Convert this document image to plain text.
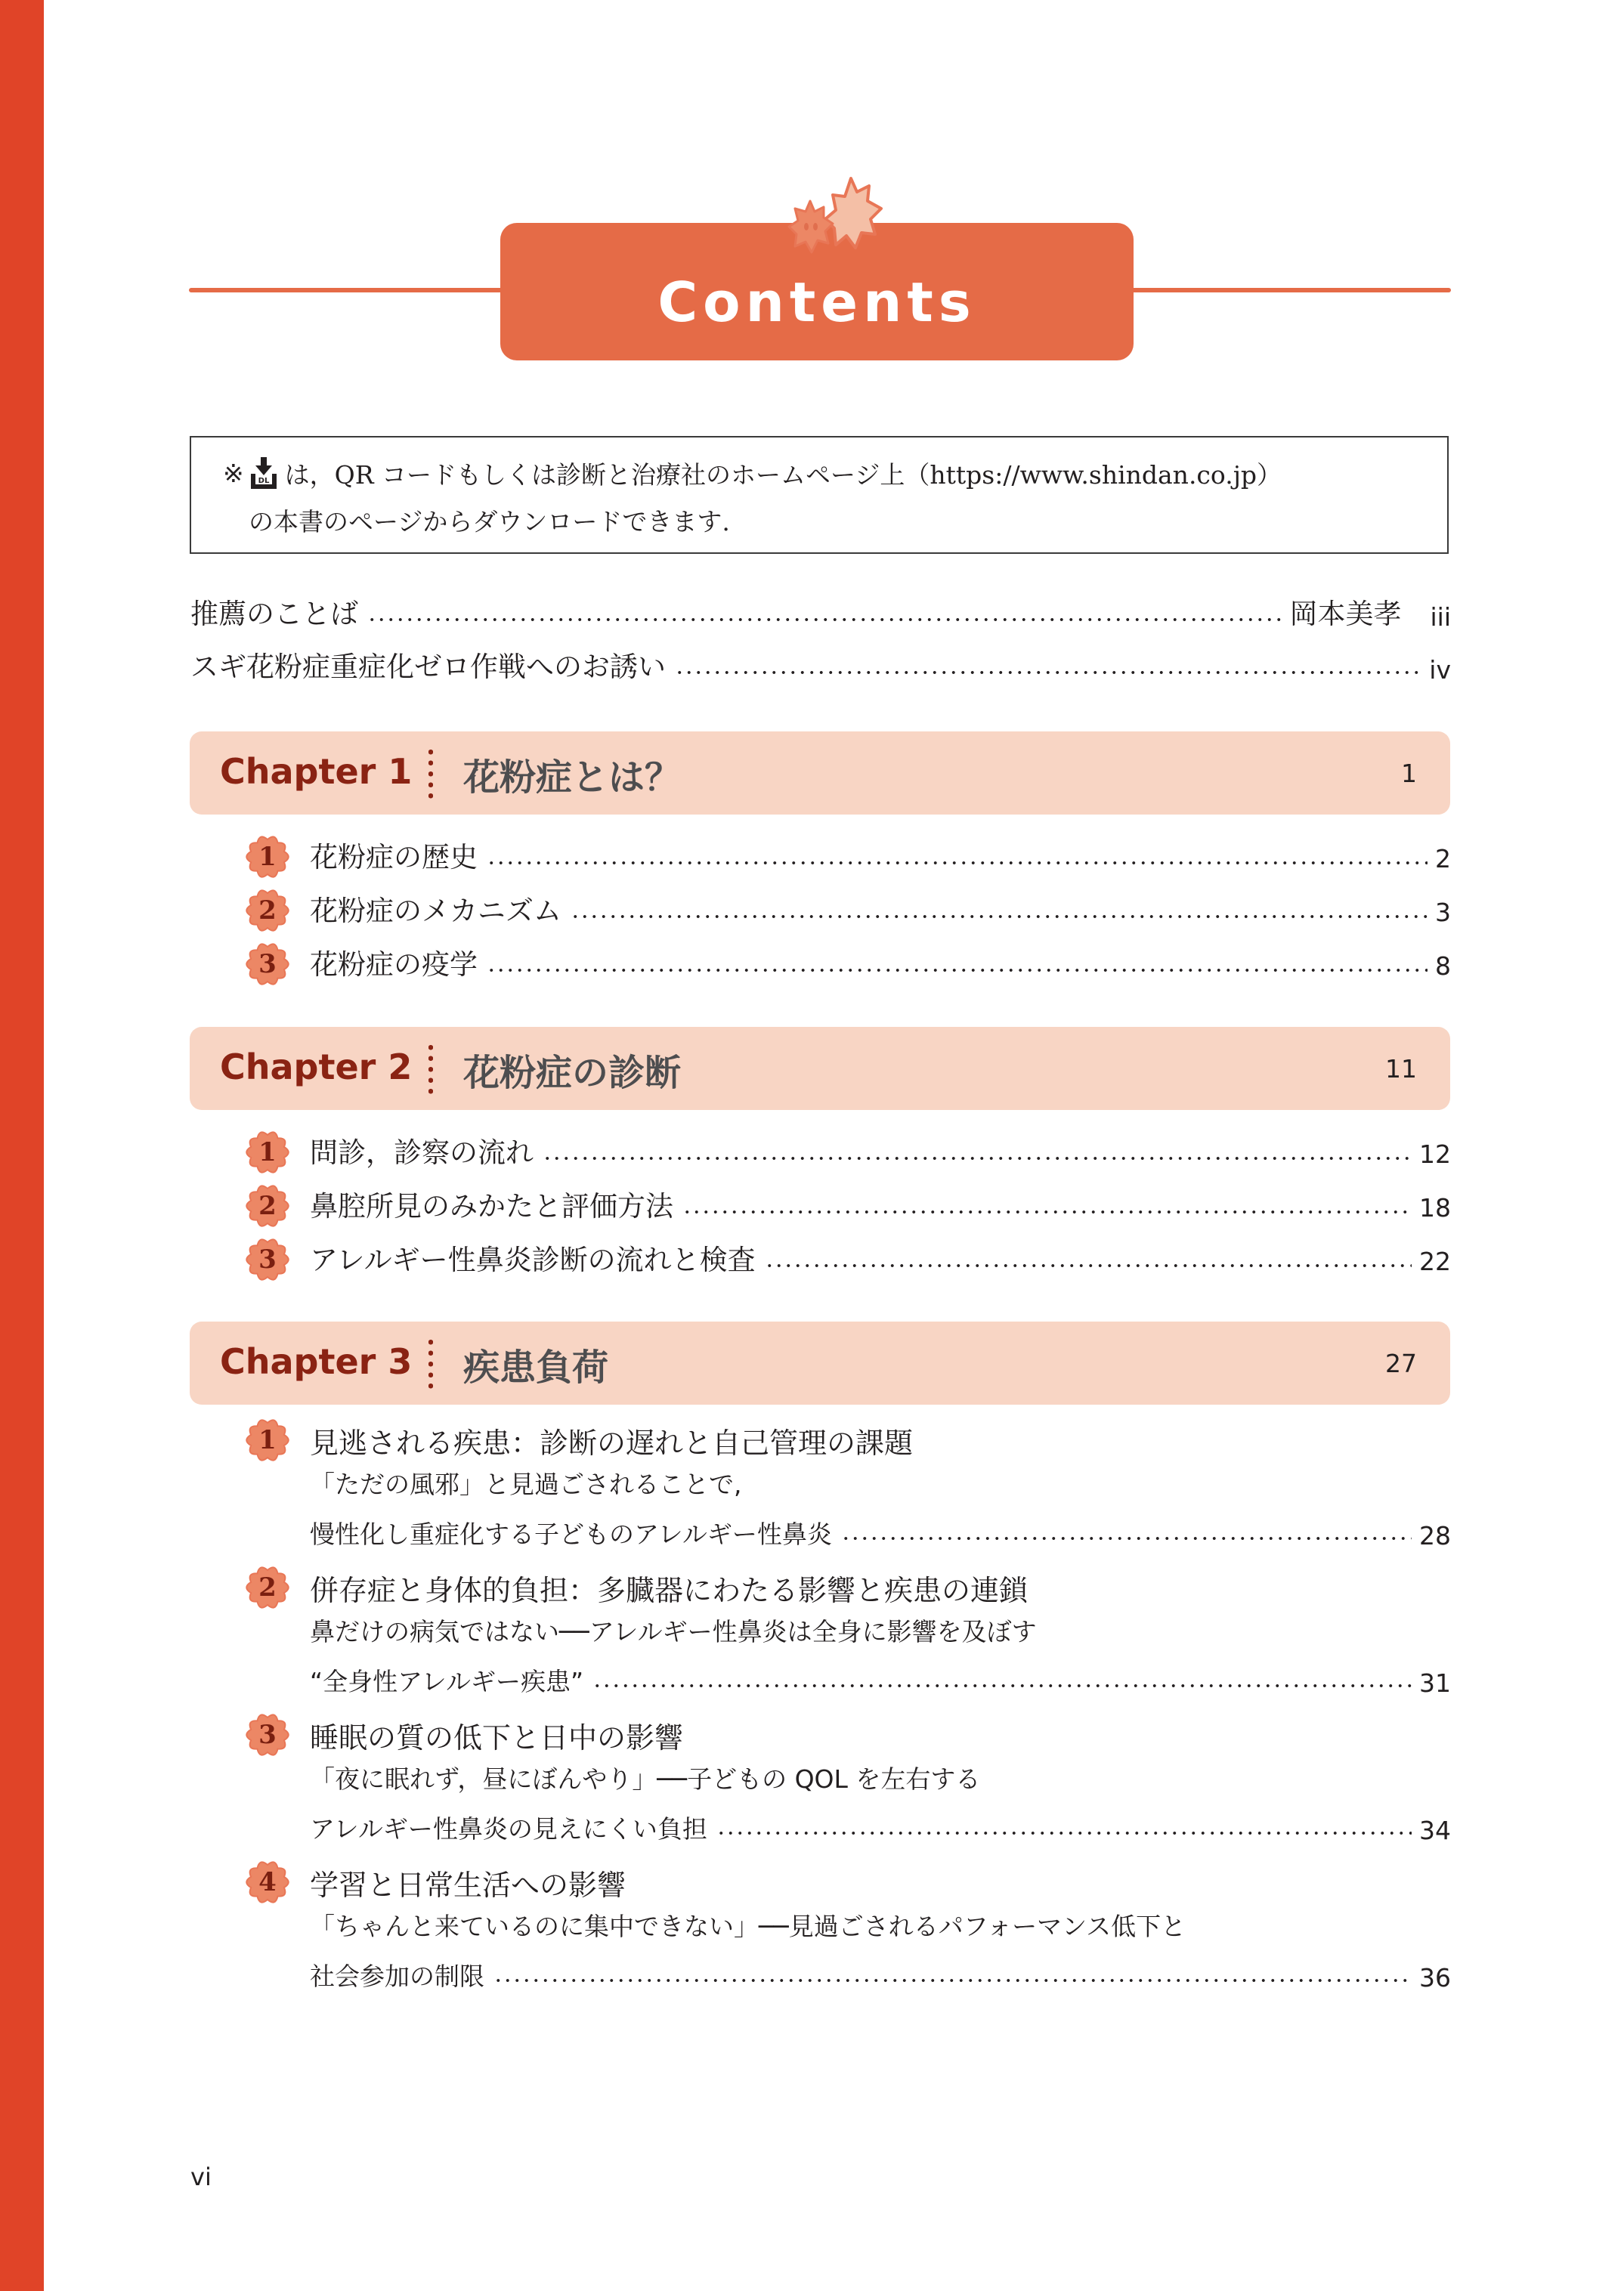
Contents
※ DL は，QR コードもしくは診断と治療社のホームページ上（https://www.shindan.co.jp）
の本書のページからダウンロードできます.
推薦のことば	岡本美孝 iii
スギ花粉症重症化ゼロ作戦へのお誘い	iv
Chapter 1 花粉症とは？	1
1 花粉症の歴史	2
2 花粉症のメカニズム	3
3 花粉症の疫学	8
Chapter 2 花粉症の診断	11
1 問診，診察の流れ	12
2 鼻腔所見のみかたと評価方法	18
3 アレルギー性鼻炎診断の流れと検査	22
Chapter 3 疾患負荷	27
1 見逃される疾患：診断の遅れと自己管理の課題
「ただの風邪」と見過ごされることで,
慢性化し重症化する子どものアレルギー性鼻炎	28
2 併存症と身体的負担：多臓器にわたる影響と疾患の連鎖
鼻だけの病気ではない──アレルギー性鼻炎は全身に影響を及ぼす
“全身性アレルギー疾患”	31
3 睡眠の質の低下と日中の影響
「夜に眠れず，昼にぼんやり」──子どもの QOL を左右する
アレルギー性鼻炎の見えにくい負担	34
4 学習と日常生活への影響
「ちゃんと来ているのに集中できない」──見過ごされるパフォーマンス低下と
社会参加の制限	36
vi
